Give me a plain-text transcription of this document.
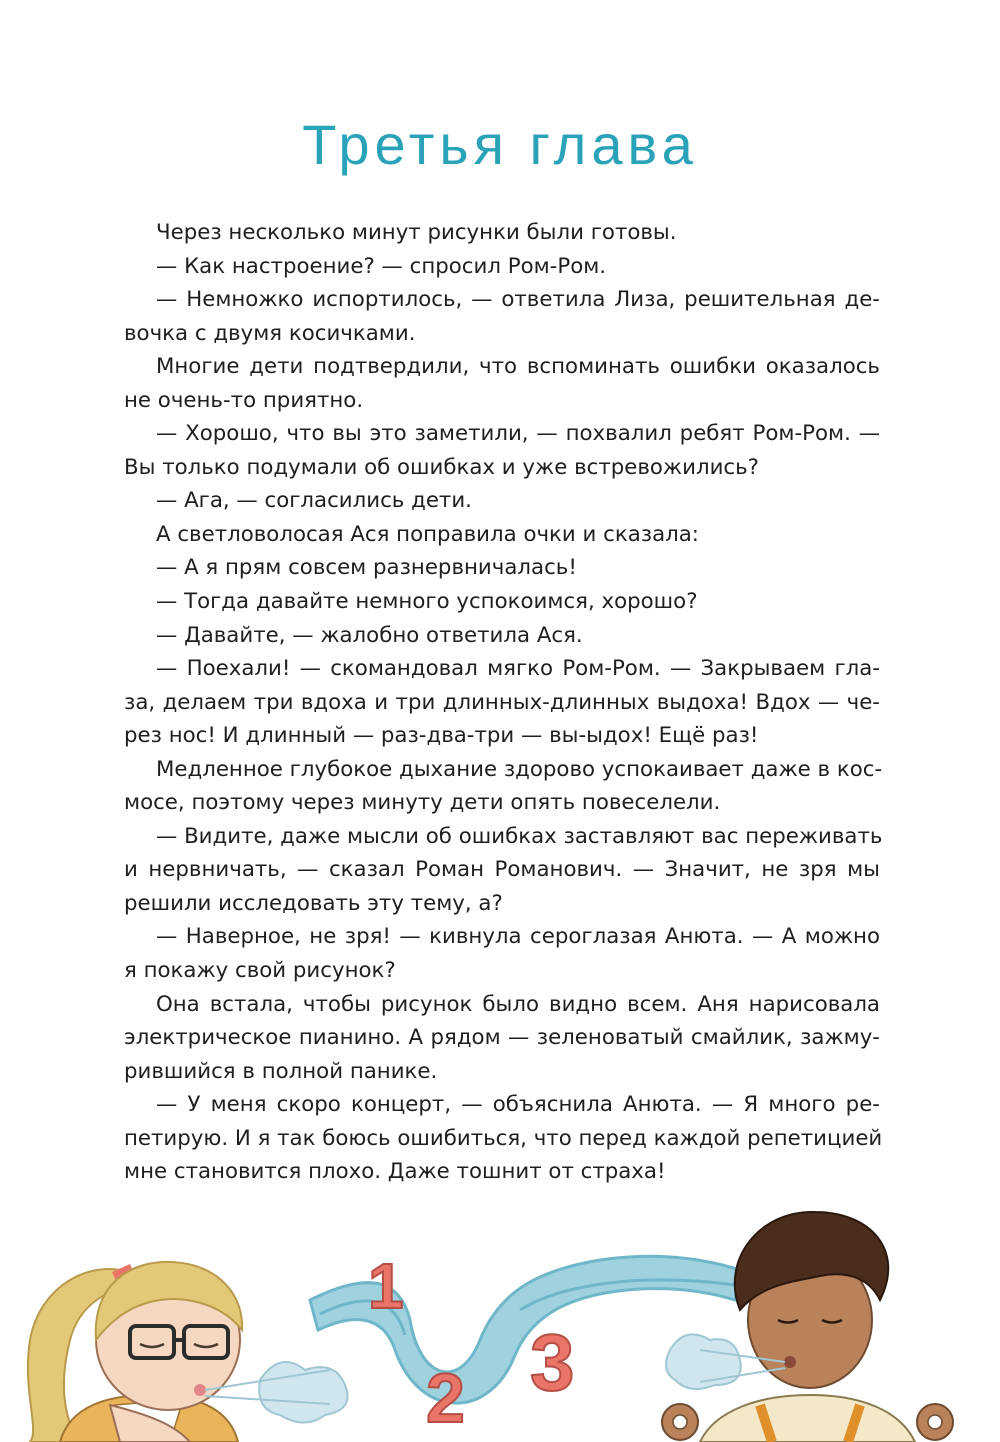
Третья глава

Через несколько минут рисунки были готовы.

— Как настроение? — спросил Ром-Ром.

— Немножко испортилось, — ответила Лиза, решительная де-
вочка с двумя косичками.

Многие дети подтвердили, что вспоминать ошибки оказалось
не очень-то приятно.

— Хорошо, что вы это заметили, — похвалил ребят Ром-Ром. —
Вы только подумали об ошибках и уже встревожились?

— Ага, — согласились дети.

А светловолосая Ася поправила очки и сказала:

— А я прям совсем разнервничалась!

— Тогда давайте немного успокоимся, хорошо?

— Давайте, — жалобно ответила Ася.

— Поехали! — скомандовал мягко Ром-Ром. — Закрываем гла-
за, делаем три вдоха и три длинных-длинных выдоха! Вдох — че-
рез нос! И длинный — раз-два-три — вы-ыдох! Ещё раз!

Медленное глубокое дыхание здорово успокаивает даже в кос-
мосе, поэтому через минуту дети опять повеселели.

— Видите, даже мысли об ошибках заставляют вас переживать
и нервничать, — сказал Роман Романович. — Значит, не зря мы
решили исследовать эту тему, а?

— Наверное, не зря! — кивнула сероглазая Анюта. — А можно
я покажу свой рисунок?

Она встала, чтобы рисунок было видно всем. Аня нарисовала
электрическое пианино. А рядом — зеленоватый смайлик, зажму-
рившийся в полной панике.

— У меня скоро концерт, — объяснила Анюта. — Я много ре-
петирую. И я так боюсь ошибиться, что перед каждой репетицией
мне становится плохо. Даже тошнит от страха!

1
2 3
